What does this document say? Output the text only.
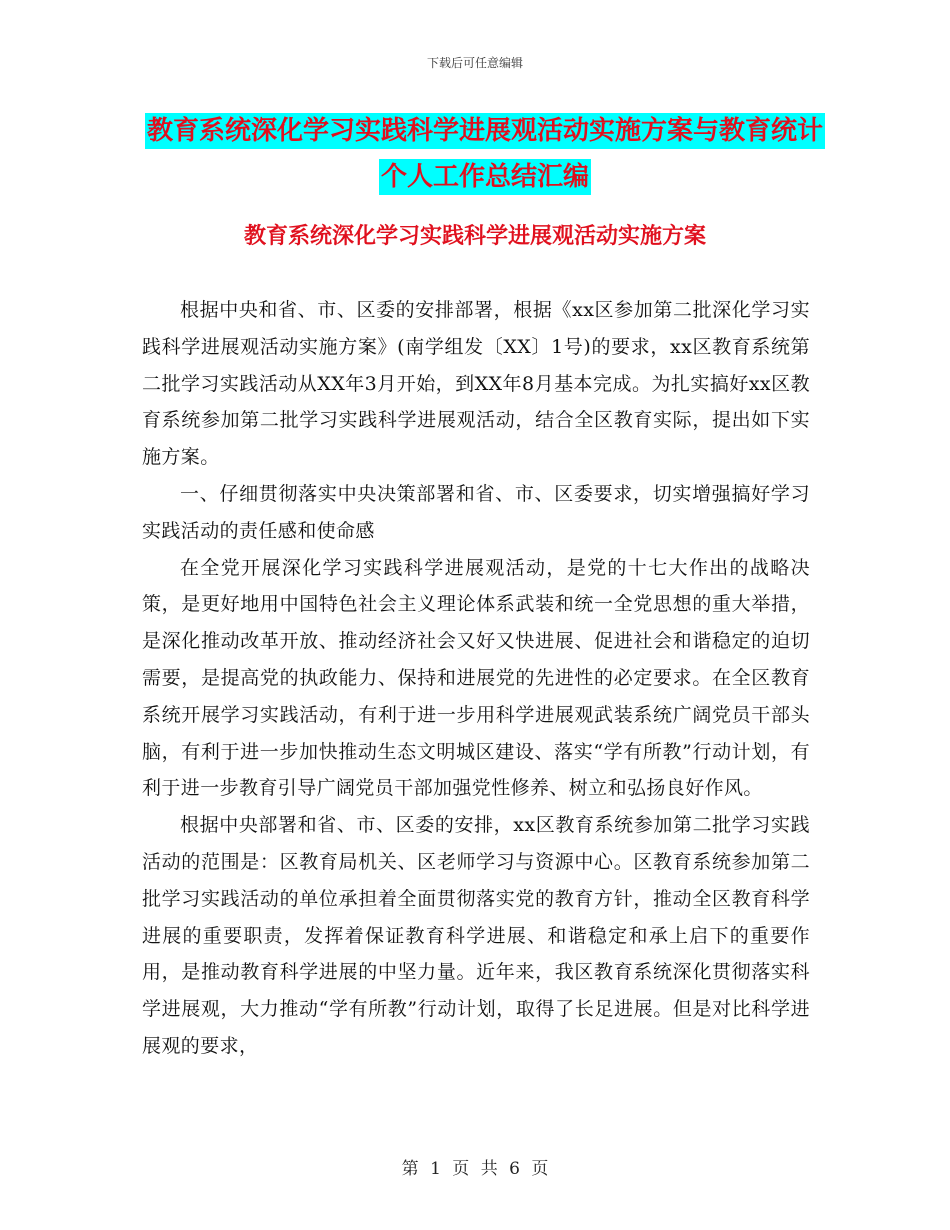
下载后可任意编辑
教育系统深化学习实践科学进展观活动实施方案与教育统计个人工作总结汇编
教育系统深化学习实践科学进展观活动实施方案

根据中央和省、市、区委的安排部署，根据《xx区参加第二批深化学习实践科学进展观活动实施方案》(南学组发〔XX〕1号)的要求，xx区教育系统第二批学习实践活动从XX年3月开始，到XX年8月基本完成。为扎实搞好xx区教育系统参加第二批学习实践科学进展观活动，结合全区教育实际，提出如下实施方案。

一、仔细贯彻落实中央决策部署和省、市、区委要求，切实增强搞好学习实践活动的责任感和使命感

在全党开展深化学习实践科学进展观活动，是党的十七大作出的战略决策，是更好地用中国特色社会主义理论体系武装和统一全党思想的重大举措，是深化推动改革开放、推动经济社会又好又快进展、促进社会和谐稳定的迫切需要，是提高党的执政能力、保持和进展党的先进性的必定要求。在全区教育系统开展学习实践活动，有利于进一步用科学进展观武装系统广阔党员干部头脑，有利于进一步加快推动生态文明城区建设、落实“学有所教”行动计划，有利于进一步教育引导广阔党员干部加强党性修养、树立和弘扬良好作风。

根据中央部署和省、市、区委的安排，xx区教育系统参加第二批学习实践活动的范围是：区教育局机关、区老师学习与资源中心。区教育系统参加第二批学习实践活动的单位承担着全面贯彻落实党的教育方针，推动全区教育科学进展的重要职责，发挥着保证教育科学进展、和谐稳定和承上启下的重要作用，是推动教育科学进展的中坚力量。近年来，我区教育系统深化贯彻落实科学进展观，大力推动“学有所教”行动计划，取得了长足进展。但是对比科学进展观的要求，

第 1 页 共 6 页
